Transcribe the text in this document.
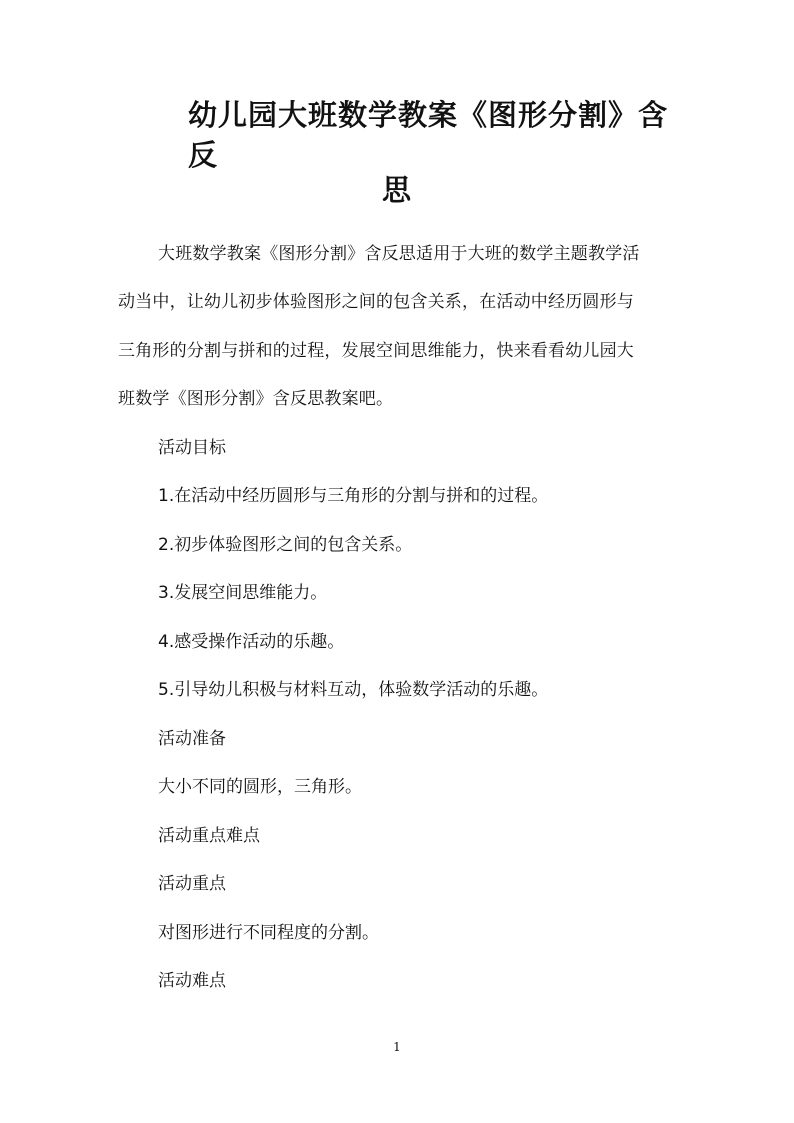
幼儿园大班数学教案《图形分割》含反
思
大班数学教案《图形分割》含反思适用于大班的数学主题教学活
动当中，让幼儿初步体验图形之间的包含关系，在活动中经历圆形与
三角形的分割与拼和的过程，发展空间思维能力，快来看看幼儿园大
班数学《图形分割》含反思教案吧。
活动目标
1.在活动中经历圆形与三角形的分割与拼和的过程。
2.初步体验图形之间的包含关系。
3.发展空间思维能力。
4.感受操作活动的乐趣。
5.引导幼儿积极与材料互动，体验数学活动的乐趣。
活动准备
大小不同的圆形，三角形。
活动重点难点
活动重点
对图形进行不同程度的分割。
活动难点
1
